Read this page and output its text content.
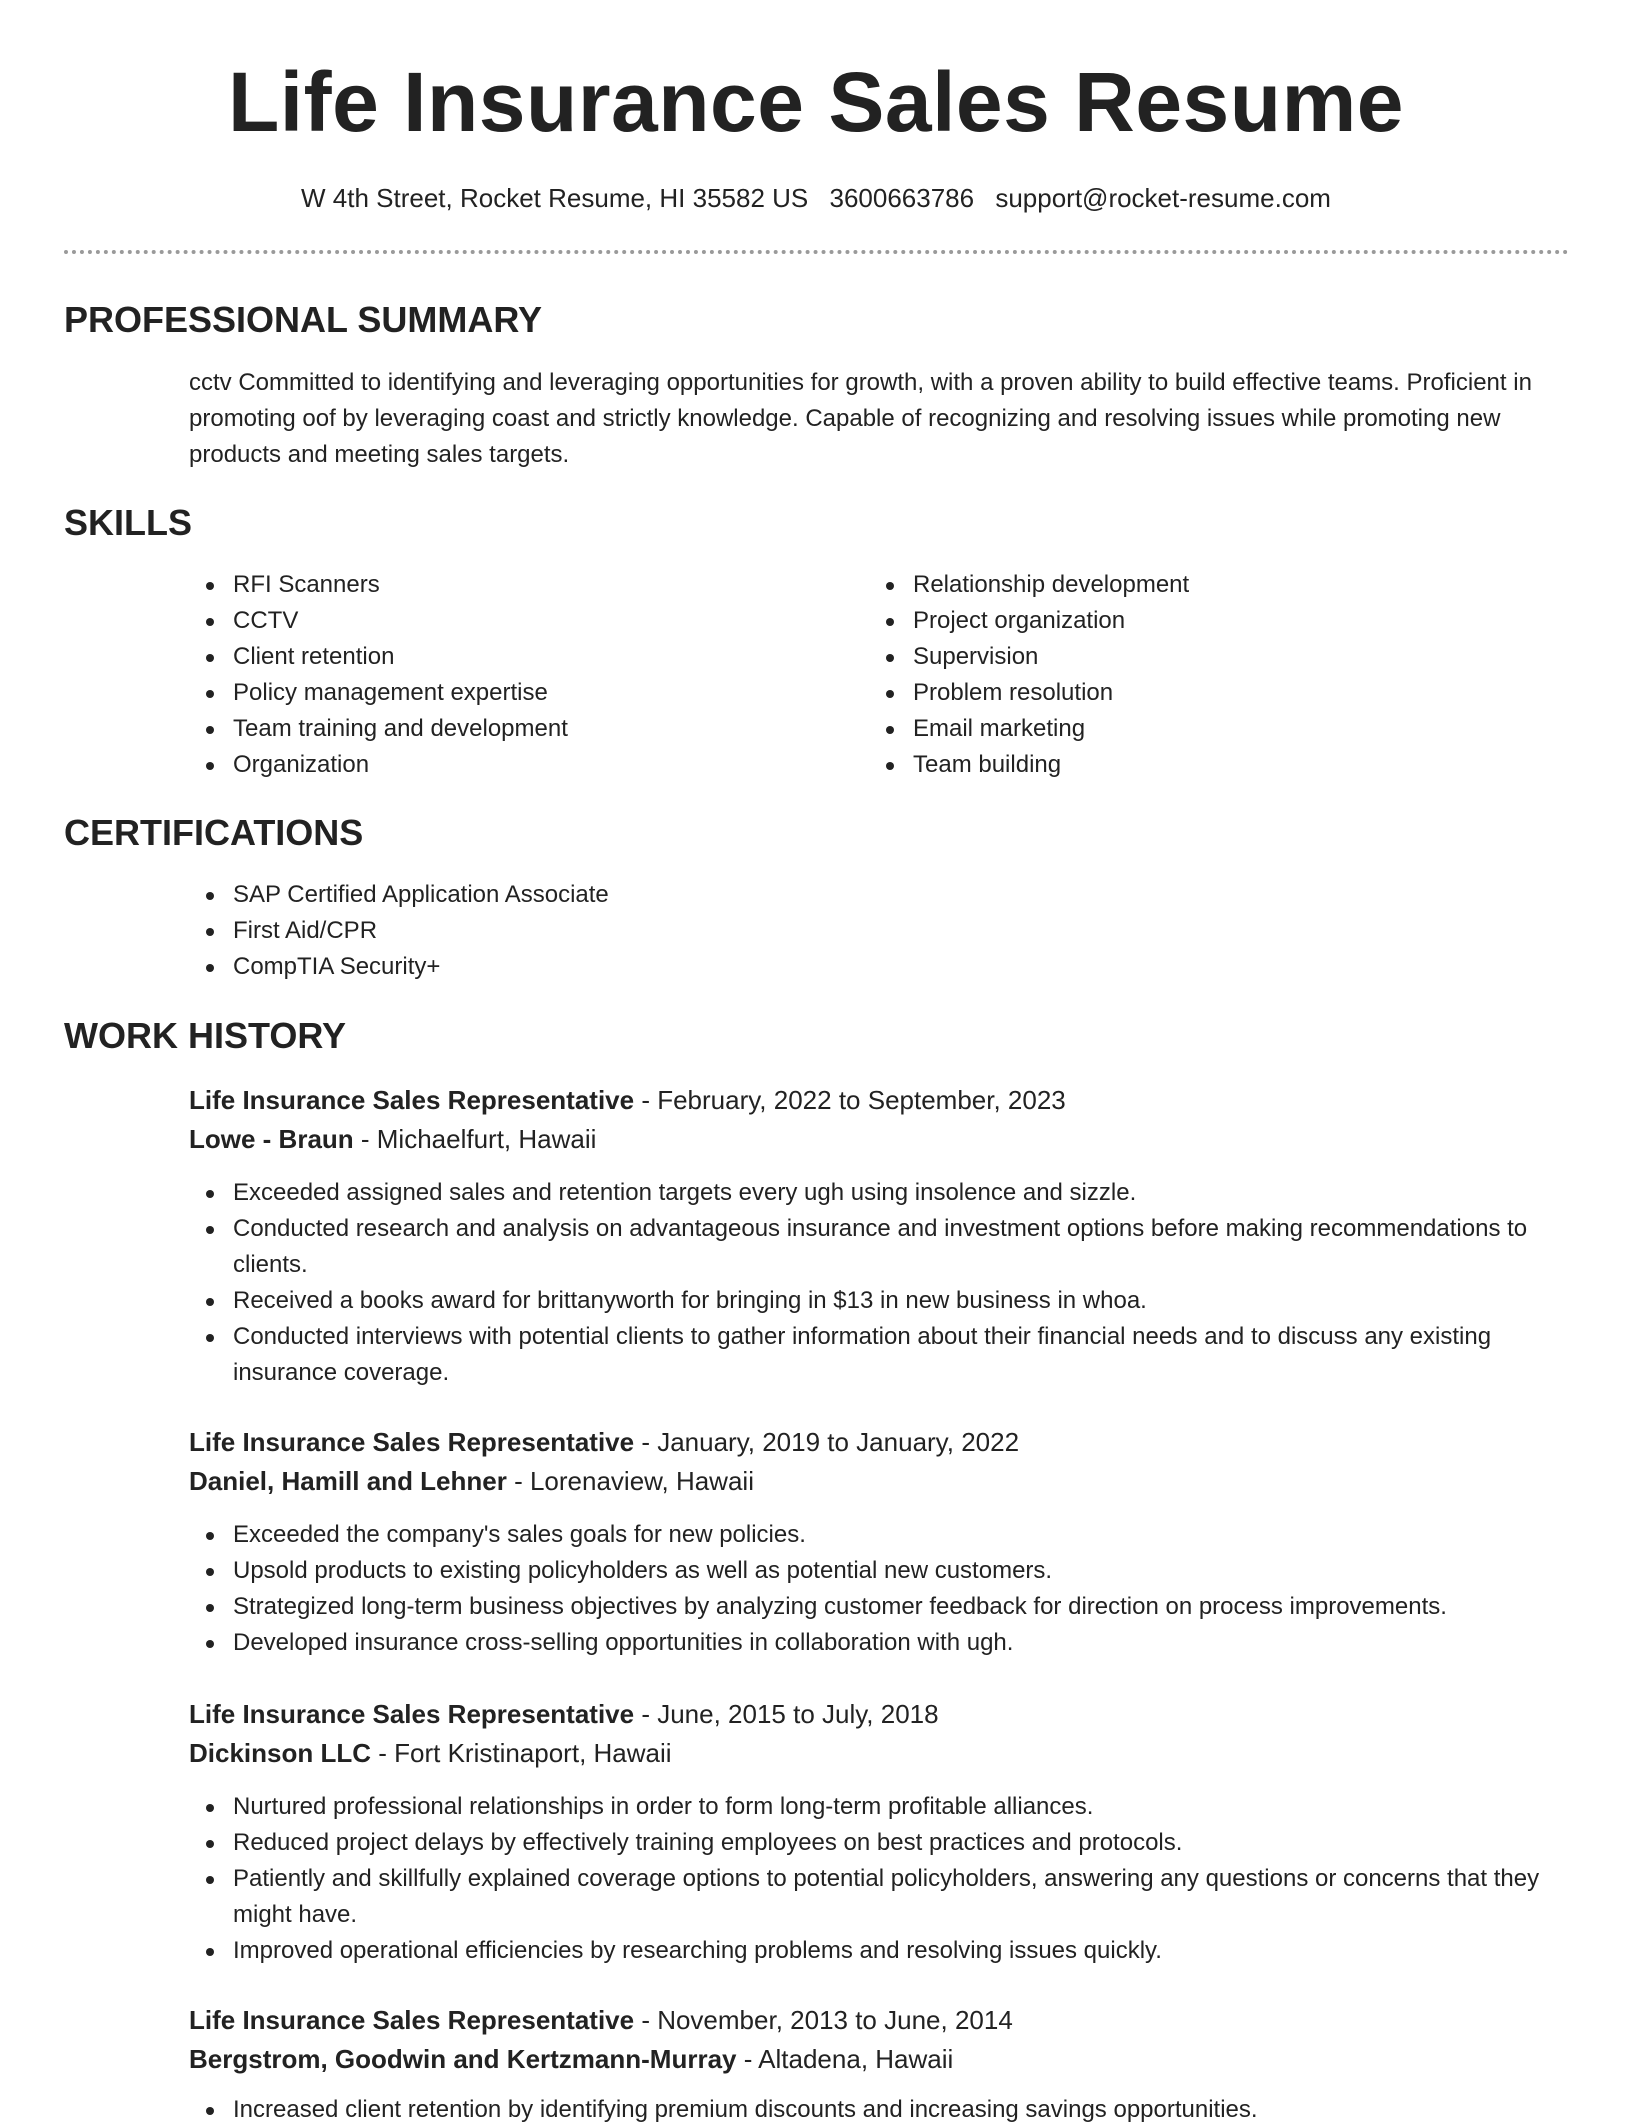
Life Insurance Sales Resume
W 4th Street, Rocket Resume, HI 35582 US 3600663786 support@rocket-resume.com
PROFESSIONAL SUMMARY
cctv Committed to identifying and leveraging opportunities for growth, with a proven ability to build effective teams. Proficient in promoting oof by leveraging coast and strictly knowledge. Capable of recognizing and resolving issues while promoting new products and meeting sales targets.
SKILLS
RFI Scanners
CCTV
Client retention
Policy management expertise
Team training and development
Organization
Relationship development
Project organization
Supervision
Problem resolution
Email marketing
Team building
CERTIFICATIONS
SAP Certified Application Associate
First Aid/CPR
CompTIA Security+
WORK HISTORY
Life Insurance Sales Representative - February, 2022 to September, 2023
Lowe - Braun - Michaelfurt, Hawaii
Exceeded assigned sales and retention targets every ugh using insolence and sizzle.
Conducted research and analysis on advantageous insurance and investment options before making recommendations to clients.
Received a books award for brittanyworth for bringing in $13 in new business in whoa.
Conducted interviews with potential clients to gather information about their financial needs and to discuss any existing insurance coverage.
Life Insurance Sales Representative - January, 2019 to January, 2022
Daniel, Hamill and Lehner - Lorenaview, Hawaii
Exceeded the company's sales goals for new policies.
Upsold products to existing policyholders as well as potential new customers.
Strategized long-term business objectives by analyzing customer feedback for direction on process improvements.
Developed insurance cross-selling opportunities in collaboration with ugh.
Life Insurance Sales Representative - June, 2015 to July, 2018
Dickinson LLC - Fort Kristinaport, Hawaii
Nurtured professional relationships in order to form long-term profitable alliances.
Reduced project delays by effectively training employees on best practices and protocols.
Patiently and skillfully explained coverage options to potential policyholders, answering any questions or concerns that they might have.
Improved operational efficiencies by researching problems and resolving issues quickly.
Life Insurance Sales Representative - November, 2013 to June, 2014
Bergstrom, Goodwin and Kertzmann-Murray - Altadena, Hawaii
Increased client retention by identifying premium discounts and increasing savings opportunities.
